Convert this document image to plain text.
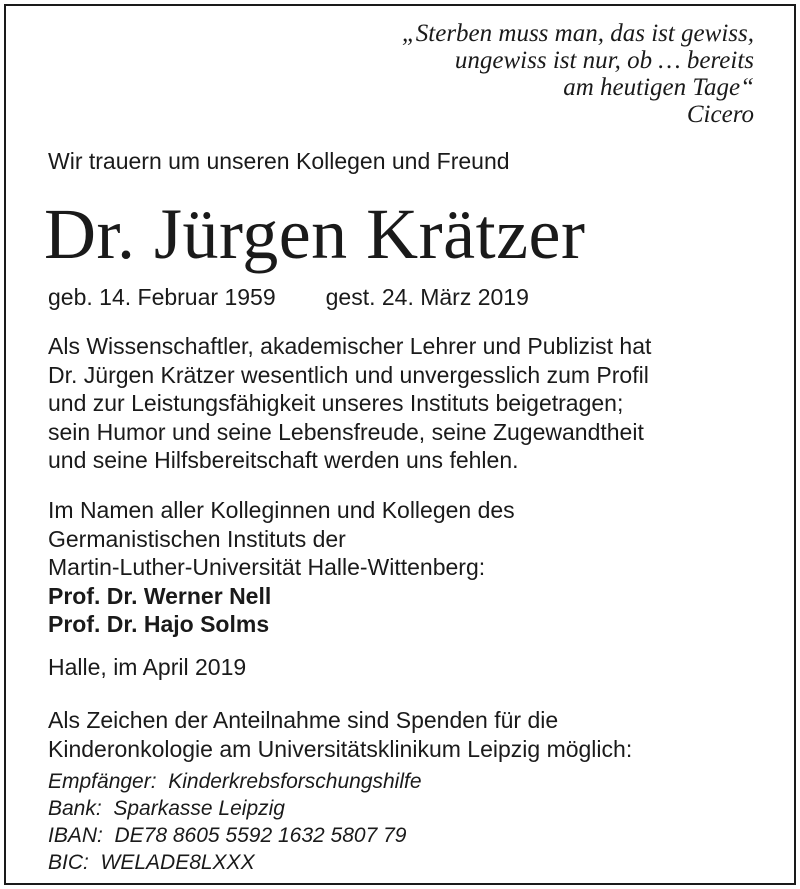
„Sterben muss man, das ist gewiss,
ungewiss ist nur, ob … bereits
am heutigen Tage“
Cicero

Wir trauern um unseren Kollegen und Freund

Dr. Jürgen Krätzer

geb. 14. Februar 1959 gest. 24. März 2019

Als Wissenschaftler, akademischer Lehrer und Publizist hat
Dr. Jürgen Krätzer wesentlich und unvergesslich zum Profil
und zur Leistungsfähigkeit unseres Instituts beigetragen;
sein Humor und seine Lebensfreude, seine Zugewandtheit
und seine Hilfsbereitschaft werden uns fehlen.

Im Namen aller Kolleginnen und Kollegen des
Germanistischen Instituts der
Martin-Luther-Universität Halle-Wittenberg:
Prof. Dr. Werner Nell
Prof. Dr. Hajo Solms

Halle, im April 2019

Als Zeichen der Anteilnahme sind Spenden für die
Kinderonkologie am Universitätsklinikum Leipzig möglich:

Empfänger:  Kinderkrebsforschungshilfe
Bank:  Sparkasse Leipzig
IBAN:  DE78 8605 5592 1632 5807 79
BIC:  WELADE8LXXX
